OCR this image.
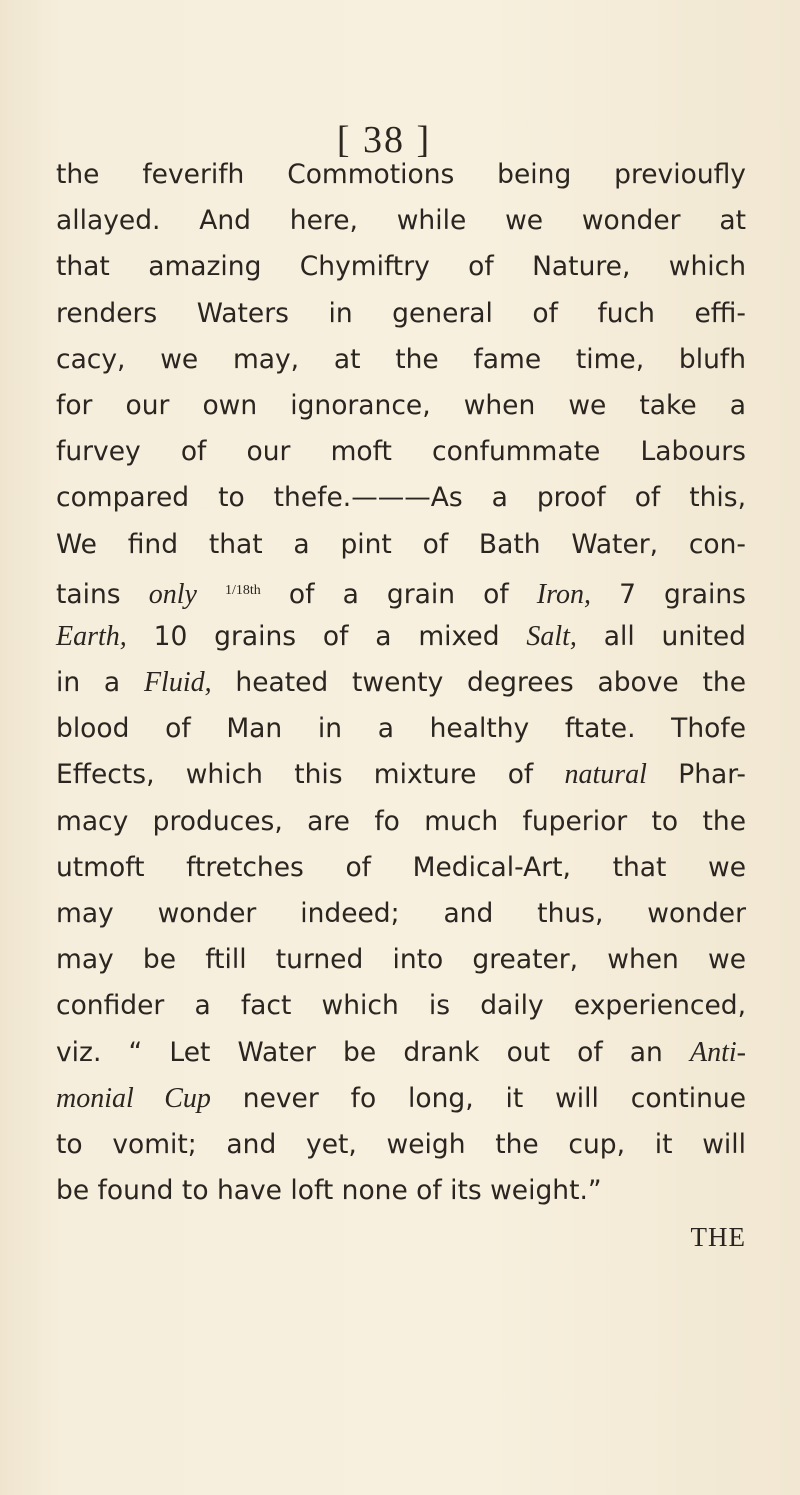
[ 38 ]
the feverifh Commotions being previoufly
allayed. And here, while we wonder at
that amazing Chymiftry of Nature, which
renders Waters in general of fuch effi-
cacy, we may, at the fame time, blufh
for our own ignorance, when we take a
furvey of our moft confummate Labours
compared to thefe.———As a proof of this,
We find that a pint of Bath Water, con-
tains only $^{1/18th}$ of a grain of Iron, 7 grains
Earth, 10 grains of a mixed Salt, all united
in a Fluid, heated twenty degrees above the
blood of Man in a healthy ftate. Thofe
Effects, which this mixture of natural Phar-
macy produces, are fo much fuperior to the
utmoft ftretches of Medical-Art, that we
may wonder indeed; and thus, wonder
may be ftill turned into greater, when we
confider a fact which is daily experienced,
viz. “ Let Water be drank out of an Anti-
monial Cup never fo long, it will continue
to vomit; and yet, weigh the cup, it will
be found to have loft none of its weight.”
THE
